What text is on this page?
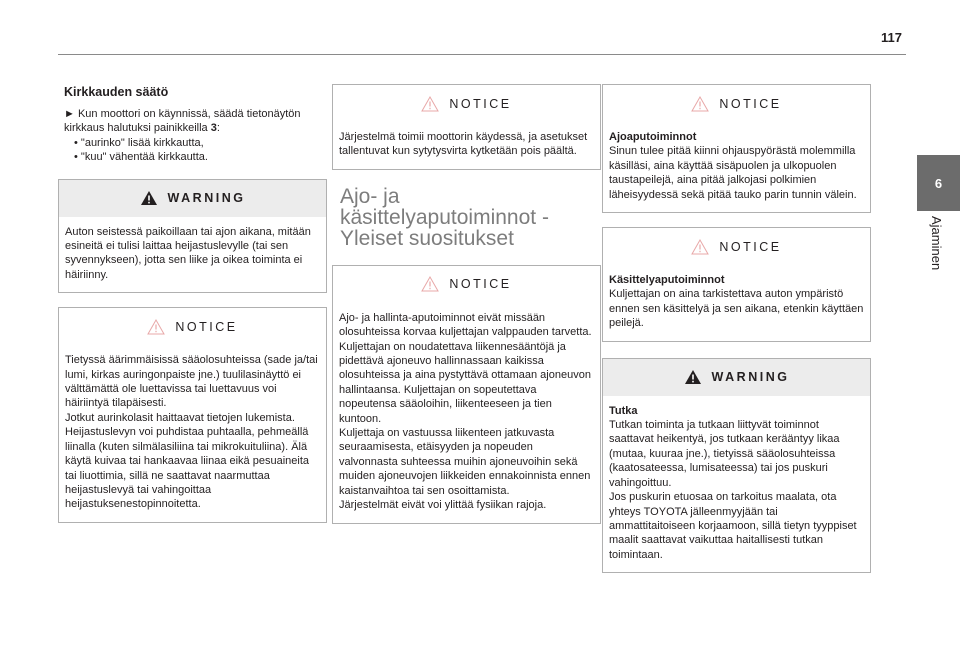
117
6
Ajaminen
Kirkkauden säätö
► Kun moottori on käynnissä, säädä tietonäytön kirkkaus halutuksi painikkeilla 3:
• "aurinko" lisää kirkkautta,
• "kuu" vähentää kirkkautta.
WARNING
Auton seistessä paikoillaan tai ajon aikana, mitään esineitä ei tulisi laittaa heijastuslevylle (tai sen syvennykseen), jotta sen liike ja oikea toiminta ei häiriinny.
NOTICE
Tietyssä äärimmäisissä sääolosuhteissa (sade ja/tai lumi, kirkas auringonpaiste jne.) tuulilasinäyttö ei välttämättä ole luettavissa tai luettavuus voi häiriintyä tilapäisesti.
Jotkut aurinkolasit haittaavat tietojen lukemista.
Heijastuslevyn voi puhdistaa puhtaalla, pehmeällä liinalla (kuten silmälasiliina tai mikrokuituliina). Älä käytä kuivaa tai hankaavaa liinaa eikä pesuaineita tai liuottimia, sillä ne saattavat naarmuttaa heijastuslevyä tai vahingoittaa heijastuksenestopinnoitetta.
NOTICE
Järjestelmä toimii moottorin käydessä, ja asetukset tallentuvat kun sytytysvirta kytketään pois päältä.
Ajo- ja
käsittelyaputoiminnot -
Yleiset suositukset
NOTICE
Ajo- ja hallinta-aputoiminnot eivät missään olosuhteissa korvaa kuljettajan valppauden tarvetta.
Kuljettajan on noudatettava liikennesääntöjä ja pidettävä ajoneuvo hallinnassaan kaikissa olosuhteissa ja aina pystyttävä ottamaan ajoneuvon hallintaansa. Kuljettajan on sopeutettava nopeutensa sääoloihin, liikenteeseen ja tien kuntoon.
Kuljettaja on vastuussa liikenteen jatkuvasta seuraamisesta, etäisyyden ja nopeuden valvonnasta suhteessa muihin ajoneuvoihin sekä muiden ajoneuvojen liikkeiden ennakoinnista ennen kaistanvaihtoa tai sen osoittamista.
Järjestelmät eivät voi ylittää fysiikan rajoja.
NOTICE
Ajoaputoiminnot
Sinun tulee pitää kiinni ohjauspyörästä molemmilla käsilläsi, aina käyttää sisäpuolen ja ulkopuolen taustapeilejä, aina pitää jalkojasi polkimien läheisyydessä sekä pitää tauko parin tunnin välein.
NOTICE
Käsittelyaputoiminnot
Kuljettajan on aina tarkistettava auton ympäristö ennen sen käsittelyä ja sen aikana, etenkin käyttäen peilejä.
WARNING
Tutka
Tutkan toiminta ja tutkaan liittyvät toiminnot saattavat heikentyä, jos tutkaan kerääntyy likaa (mutaa, kuuraa jne.), tietyissä sääolosuhteissa (kaatosateessa, lumisateessa) tai jos puskuri vahingoittuu.
Jos puskurin etuosaa on tarkoitus maalata, ota yhteys TOYOTA jälleenmyyjään tai ammattitaitoiseen korjaamoon, sillä tietyn tyyppiset maalit saattavat vaikuttaa haitallisesti tutkan toimintaan.
